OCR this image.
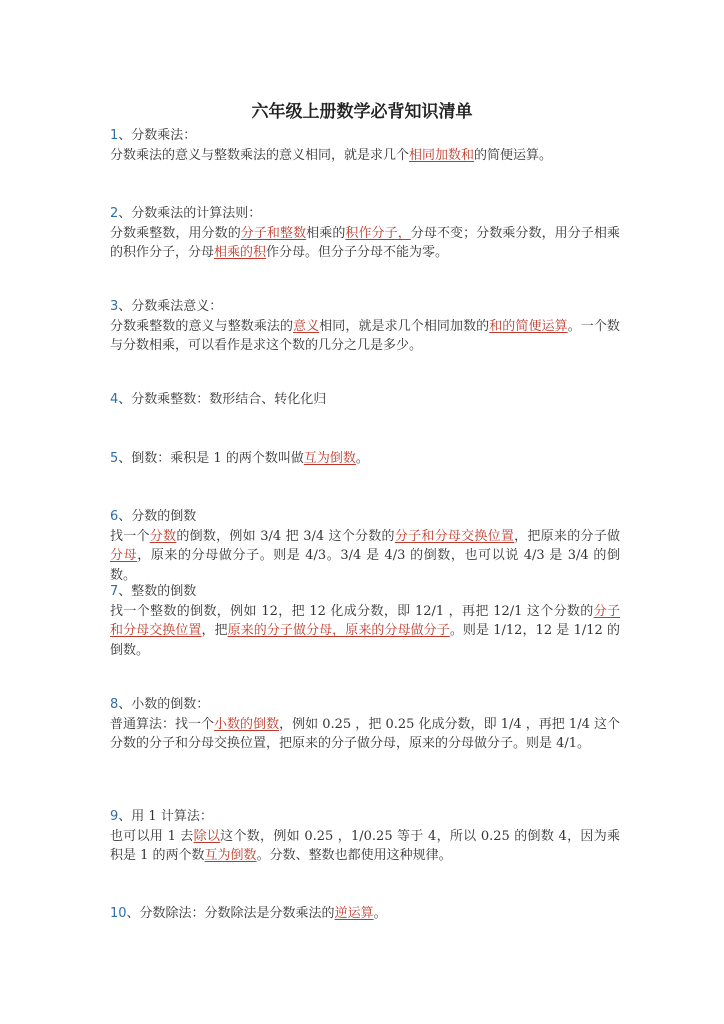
六年级上册数学必背知识清单

1、分数乘法：

分数乘法的意义与整数乘法的意义相同，就是求几个相同加数和的简便运算。

2、分数乘法的计算法则：

分数乘整数，用分数的分子和整数相乘的积作分子，分母不变；分数乘分数，用分子相乘的积作分子，分母相乘的积作分母。但分子分母不能为零。

3、分数乘法意义：

分数乘整数的意义与整数乘法的意义相同，就是求几个相同加数的和的简便运算。一个数与分数相乘，可以看作是求这个数的几分之几是多少。

4、分数乘整数：数形结合、转化化归

5、倒数：乘积是 1 的两个数叫做互为倒数。

6、分数的倒数

找一个分数的倒数，例如 3/4 把 3/4 这个分数的分子和分母交换位置，把原来的分子做分母，原来的分母做分子。则是 4/3。3/4 是 4/3 的倒数，也可以说 4/3 是 3/4 的倒数。

7、整数的倒数

找一个整数的倒数，例如 12，把 12 化成分数，即 12/1 ，再把 12/1 这个分数的分子和分母交换位置，把原来的分子做分母，原来的分母做分子。则是 1/12，12 是 1/12 的倒数。

8、小数的倒数：

普通算法：找一个小数的倒数，例如 0.25 ，把 0.25 化成分数，即 1/4 ，再把 1/4 这个分数的分子和分母交换位置，把原来的分子做分母，原来的分母做分子。则是 4/1。

9、用 1 计算法：

也可以用 1 去除以这个数，例如 0.25 ，1/0.25 等于 4，所以 0.25 的倒数 4，因为乘积是 1 的两个数互为倒数。分数、整数也都使用这种规律。

10、分数除法：分数除法是分数乘法的逆运算。
